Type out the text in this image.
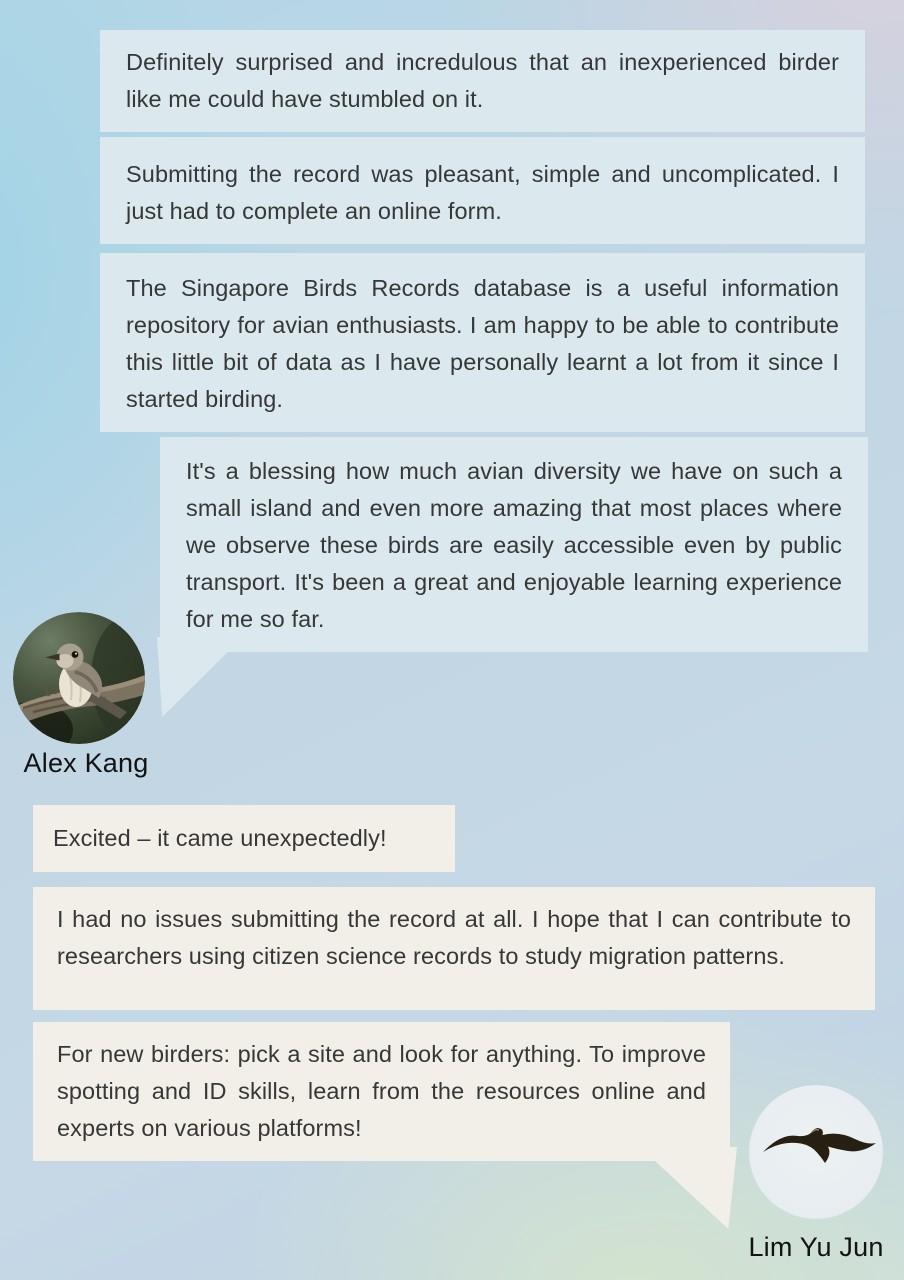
Definitely surprised and incredulous that an inexperienced birder like me could have stumbled on it.
Submitting the record was pleasant, simple and uncomplicated. I just had to complete an online form.
The Singapore Birds Records database is a useful information repository for avian enthusiasts. I am happy to be able to contribute this little bit of data as I have personally learnt a lot from it since I started birding.
It's a blessing how much avian diversity we have on such a small island and even more amazing that most places where we observe these birds are easily accessible even by public transport. It's been a great and enjoyable learning experience for me so far.
Alex Kang
Excited – it came unexpectedly!
I had no issues submitting the record at all. I hope that I can contribute to researchers using citizen science records to study migration patterns.
For new birders: pick a site and look for anything. To improve spotting and ID skills, learn from the resources online and experts on various platforms!
Lim Yu Jun
